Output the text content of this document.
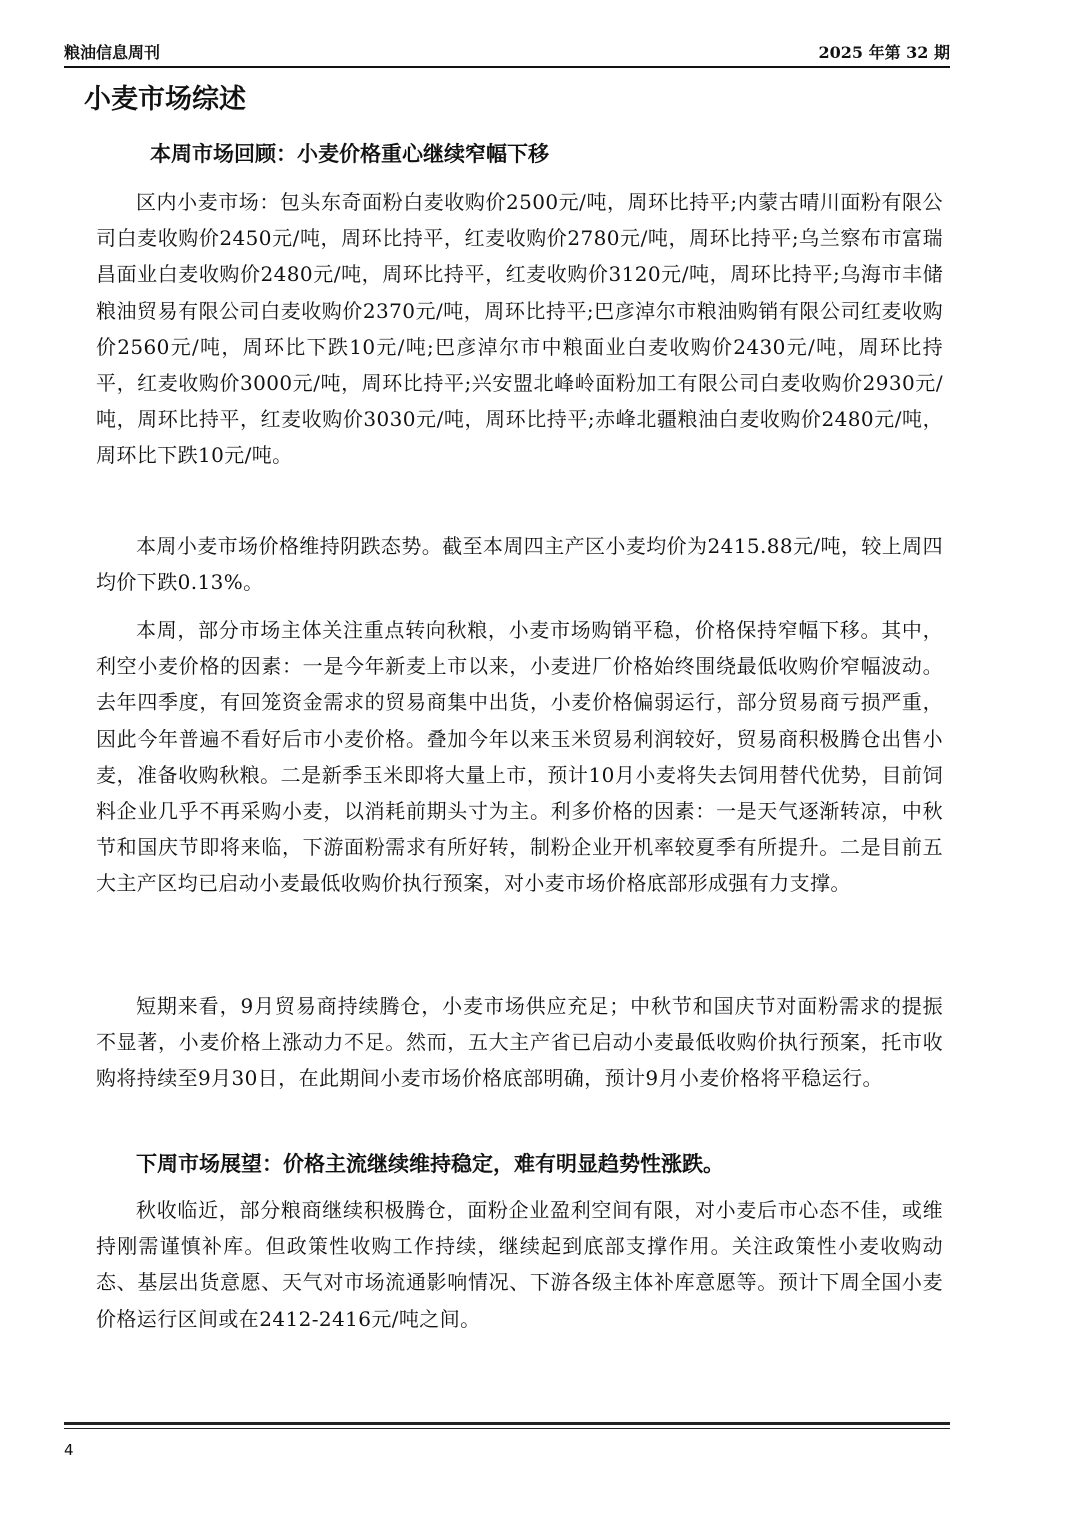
粮油信息周刊	2025 年第 32 期
小麦市场综述
本周市场回顾：小麦价格重心继续窄幅下移

区内小麦市场：包头东奇面粉白麦收购价2500元/吨，周环比持平;内蒙古晴川面粉有限公司白麦收购价2450元/吨，周环比持平，红麦收购价2780元/吨，周环比持平;乌兰察布市富瑞昌面业白麦收购价2480元/吨，周环比持平，红麦收购价3120元/吨，周环比持平;乌海市丰储粮油贸易有限公司白麦收购价2370元/吨，周环比持平;巴彦淖尔市粮油购销有限公司红麦收购价2560元/吨，周环比下跌10元/吨;巴彦淖尔市中粮面业白麦收购价2430元/吨，周环比持平，红麦收购价3000元/吨，周环比持平;兴安盟北峰岭面粉加工有限公司白麦收购价2930元/吨，周环比持平，红麦收购价3030元/吨，周环比持平;赤峰北疆粮油白麦收购价2480元/吨，周环比下跌10元/吨。

本周小麦市场价格维持阴跌态势。截至本周四主产区小麦均价为2415.88元/吨，较上周四均价下跌0.13%。

本周，部分市场主体关注重点转向秋粮，小麦市场购销平稳，价格保持窄幅下移。其中，利空小麦价格的因素：一是今年新麦上市以来，小麦进厂价格始终围绕最低收购价窄幅波动。去年四季度，有回笼资金需求的贸易商集中出货，小麦价格偏弱运行，部分贸易商亏损严重，因此今年普遍不看好后市小麦价格。叠加今年以来玉米贸易利润较好，贸易商积极腾仓出售小麦，准备收购秋粮。二是新季玉米即将大量上市，预计10月小麦将失去饲用替代优势，目前饲料企业几乎不再采购小麦，以消耗前期头寸为主。利多价格的因素：一是天气逐渐转凉，中秋节和国庆节即将来临，下游面粉需求有所好转，制粉企业开机率较夏季有所提升。二是目前五大主产区均已启动小麦最低收购价执行预案，对小麦市场价格底部形成强有力支撑。

短期来看，9月贸易商持续腾仓，小麦市场供应充足；中秋节和国庆节对面粉需求的提振不显著，小麦价格上涨动力不足。然而，五大主产省已启动小麦最低收购价执行预案，托市收购将持续至9月30日，在此期间小麦市场价格底部明确，预计9月小麦价格将平稳运行。

下周市场展望：价格主流继续维持稳定，难有明显趋势性涨跌。

秋收临近，部分粮商继续积极腾仓，面粉企业盈利空间有限，对小麦后市心态不佳，或维持刚需谨慎补库。但政策性收购工作持续，继续起到底部支撑作用。关注政策性小麦收购动态、基层出货意愿、天气对市场流通影响情况、下游各级主体补库意愿等。预计下周全国小麦价格运行区间或在2412-2416元/吨之间。

4
